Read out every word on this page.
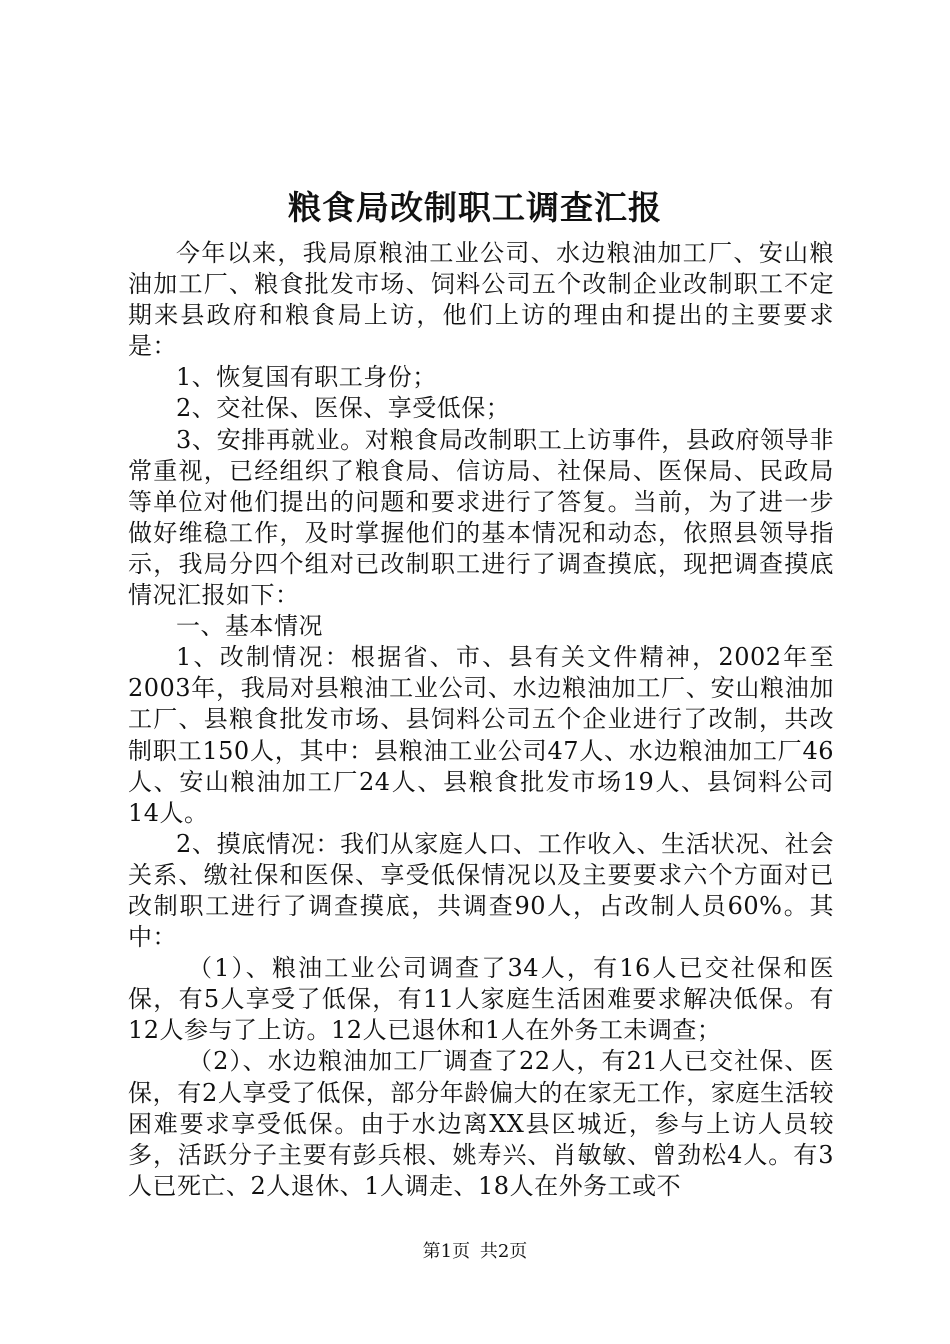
粮食局改制职工调查汇报

今年以来，我局原粮油工业公司、水边粮油加工厂、安山粮油加工厂、粮食批发市场、饲料公司五个改制企业改制职工不定期来县政府和粮食局上访，他们上访的理由和提出的主要要求是：

1、恢复国有职工身份；

2、交社保、医保、享受低保；

3、安排再就业。对粮食局改制职工上访事件，县政府领导非常重视，已经组织了粮食局、信访局、社保局、医保局、民政局等单位对他们提出的问题和要求进行了答复。当前，为了进一步做好维稳工作，及时掌握他们的基本情况和动态，依照县领导指示，我局分四个组对已改制职工进行了调查摸底，现把调查摸底情况汇报如下：

一、基本情况

1、改制情况：根据省、市、县有关文件精神，2002年至2003年，我局对县粮油工业公司、水边粮油加工厂、安山粮油加工厂、县粮食批发市场、县饲料公司五个企业进行了改制，共改制职工150人，其中：县粮油工业公司47人、水边粮油加工厂46人、安山粮油加工厂24人、县粮食批发市场19人、县饲料公司14人。

2、摸底情况：我们从家庭人口、工作收入、生活状况、社会关系、缴社保和医保、享受低保情况以及主要要求六个方面对已改制职工进行了调查摸底，共调查90人，占改制人员60%。其中：

（1）、粮油工业公司调查了34人，有16人已交社保和医保，有5人享受了低保，有11人家庭生活困难要求解决低保。有12人参与了上访。12人已退休和1人在外务工未调查；

（2）、水边粮油加工厂调查了22人，有21人已交社保、医保，有2人享受了低保，部分年龄偏大的在家无工作，家庭生活较困难要求享受低保。由于水边离XX县区城近，参与上访人员较多，活跃分子主要有彭兵根、姚寿兴、肖敏敏、曾劲松4人。有3人已死亡、2人退休、1人调走、18人在外务工或不

第1页 共2页
